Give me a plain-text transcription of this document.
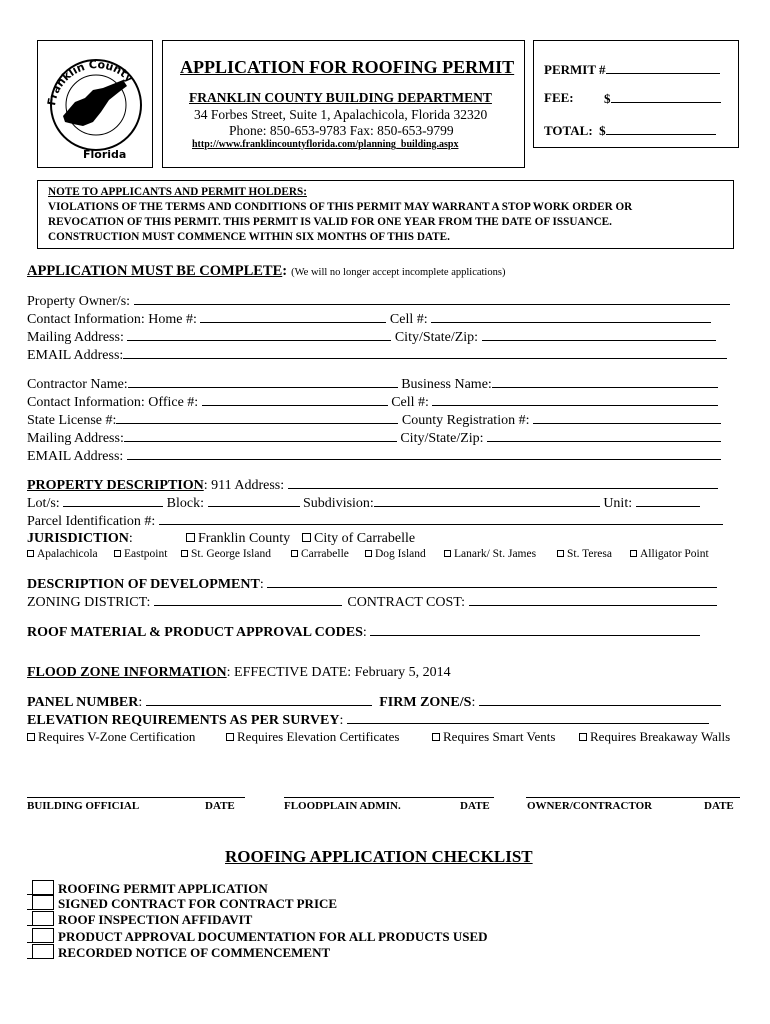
Franklin County
Florida
APPLICATION FOR ROOFING PERMIT
FRANKLIN COUNTY BUILDING DEPARTMENT
34 Forbes Street, Suite 1, Apalachicola, Florida 32320
Phone: 850-653-9783 Fax: 850-653-9799
http://www.franklincountyflorida.com/planning_building.aspx
PERMIT #
FEE: $
TOTAL: $
NOTE TO APPLICANTS AND PERMIT HOLDERS:
VIOLATIONS OF THE TERMS AND CONDITIONS OF THIS PERMIT MAY WARRANT A STOP WORK ORDER OR
REVOCATION OF THIS PERMIT. THIS PERMIT IS VALID FOR ONE YEAR FROM THE DATE OF ISSUANCE.
CONSTRUCTION MUST COMMENCE WITHIN SIX MONTHS OF THIS DATE.
APPLICATION MUST BE COMPLETE: (We will no longer accept incomplete applications)
Property Owner/s:
Contact Information: Home #:	Cell #:
Mailing Address:	City/State/Zip:
EMAIL Address:
Contractor Name:	Business Name:
Contact Information: Office #:	Cell #:
State License #:	County Registration #:
Mailing Address:	City/State/Zip:
EMAIL Address:
PROPERTY DESCRIPTION: 911 Address:
Lot/s:	Block:	Subdivision:	Unit:
Parcel Identification #:
JURISDICTION:	Franklin County	City of Carrabelle
Apalachicola	Eastpoint	St. George Island	Carrabelle	Dog Island	Lanark/ St. James	St. Teresa	Alligator Point
DESCRIPTION OF DEVELOPMENT:
ZONING DISTRICT:	CONTRACT COST:
ROOF MATERIAL & PRODUCT APPROVAL CODES:
FLOOD ZONE INFORMATION: EFFECTIVE DATE: February 5, 2014
PANEL NUMBER:	FIRM ZONE/S:
ELEVATION REQUIREMENTS AS PER SURVEY:
Requires V-Zone Certification	Requires Elevation Certificates	Requires Smart Vents	Requires Breakaway Walls
BUILDING OFFICIAL	DATE	FLOODPLAIN ADMIN.	DATE	OWNER/CONTRACTOR	DATE
ROOFING APPLICATION CHECKLIST
ROOFING PERMIT APPLICATION
SIGNED CONTRACT FOR CONTRACT PRICE
ROOF INSPECTION AFFIDAVIT
PRODUCT APPROVAL DOCUMENTATION FOR ALL PRODUCTS USED
RECORDED NOTICE OF COMMENCEMENT
